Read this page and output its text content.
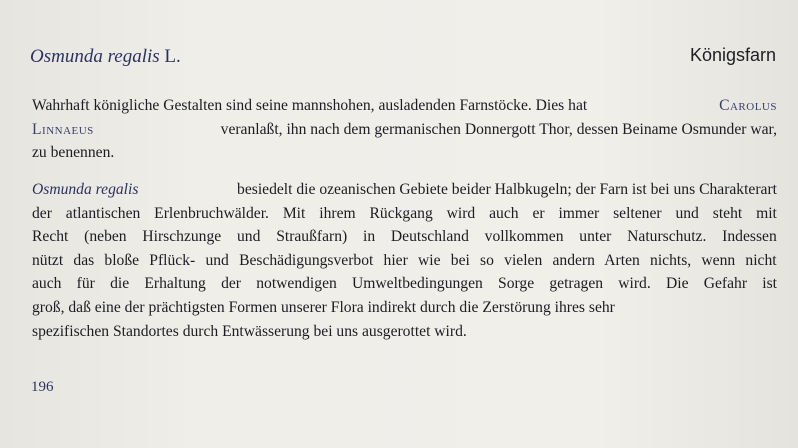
Osmunda regalis L.	Königsfarn
Wahrhaft königliche Gestalten sind seine mannshohen, ausladenden Farnstöcke. Dies hat	Carolus
Linnaeus	veranlaßt, ihn nach dem germanischen Donnergott Thor, dessen Beiname Osmunder war,
zu benennen.
Osmunda regalis	besiedelt die ozeanischen Gebiete beider Halbkugeln; der Farn ist bei uns Charakterart
der atlantischen Erlenbruchwälder. Mit ihrem Rückgang wird auch er immer seltener und steht mit
Recht (neben Hirschzunge und Straußfarn) in Deutschland vollkommen unter Naturschutz. Indessen
nützt das bloße Pflück- und Beschädigungsverbot hier wie bei so vielen andern Arten nichts, wenn nicht
auch für die Erhaltung der notwendigen Umweltbedingungen Sorge getragen wird. Die Gefahr ist
groß, daß eine der prächtigsten Formen unserer Flora indirekt durch die Zerstörung ihres sehr
spezifischen Standortes durch Entwässerung bei uns ausgerottet wird.
196
